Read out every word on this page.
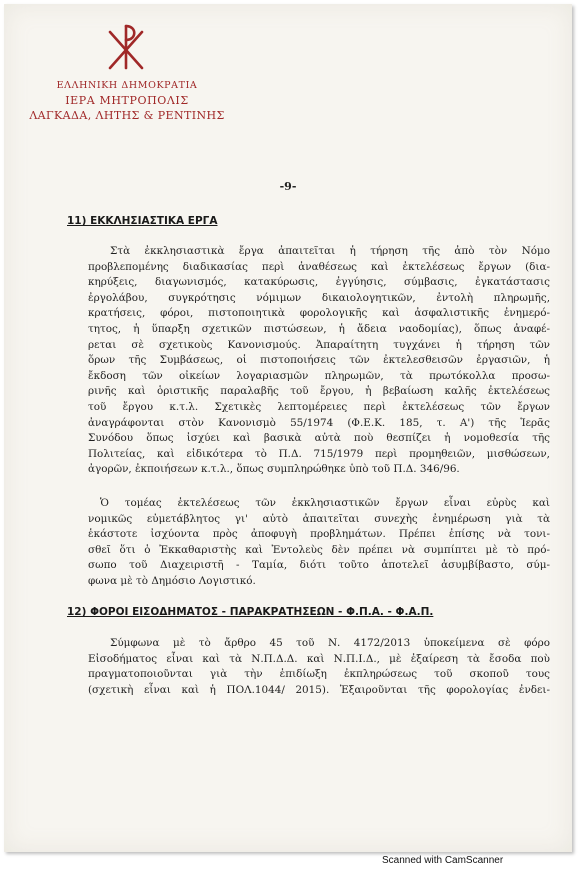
ΕΛΛΗΝΙΚΗ ΔΗΜΟΚΡΑΤΙΑ
ΙΕΡΑ ΜΗΤΡΟΠΟΛΙΣ
ΛΑΓΚΑΔΑ, ΛΗΤΗΣ & ΡΕΝΤΙΝΗΣ
-9-
11) ΕΚΚΛΗΣΙΑΣΤΙΚΑ ΕΡΓΑ
Στὰ ἐκκλησιαστικὰ ἔργα ἀπαιτεῖται ἡ τήρηση τῆς ἀπὸ τὸν Νόμο
προβλεπομένης διαδικασίας περὶ ἀναθέσεως καὶ ἐκτελέσεως ἔργων (δια-
κηρύξεις, διαγωνισμός, κατακύρωσις, ἐγγύησις, σύμβασις, ἐγκατάστασις
ἐργολάβου, συγκρότησις νόμιμων δικαιολογητικῶν, ἐντολὴ πληρωμῆς,
κρατήσεις, φόροι, πιστοποιητικὰ φορολογικῆς καὶ ἀσφαλιστικῆς ἐνημερό-
τητος, ἡ ὕπαρξη σχετικῶν πιστώσεων, ἡ ἄδεια ναοδομίας), ὅπως ἀναφέ-
ρεται σὲ σχετικοὺς Κανονισμούς. Ἀπαραίτητη τυγχάνει ἡ τήρηση τῶν
ὅρων τῆς Συμβάσεως, οἱ πιστοποιήσεις τῶν ἐκτελεσθεισῶν ἐργασιῶν, ἡ
ἔκδοση τῶν οἰκείων λογαριασμῶν πληρωμῶν, τὰ πρωτόκολλα προσω-
ρινῆς καὶ ὁριστικῆς παραλαβῆς τοῦ ἔργου, ἡ βεβαίωση καλῆς ἐκτελέσεως
τοῦ ἔργου κ.τ.λ. Σχετικὲς λεπτομέρειες περὶ ἐκτελέσεως τῶν ἔργων
ἀναγράφονται στὸν Κανονισμὸ 55/1974 (Φ.Ε.Κ. 185, τ. Α') τῆς Ἱερᾶς
Συνόδου ὅπως ἰσχύει καὶ βασικὰ αὐτὰ ποὺ θεσπίζει ἡ νομοθεσία τῆς
Πολιτείας, καὶ εἰδικότερα τὸ Π.Δ. 715/1979 περὶ προμηθειῶν, μισθώσεων,
ἀγορῶν, ἐκποιήσεων κ.τ.λ., ὅπως συμπληρώθηκε ὑπὸ τοῦ Π.Δ. 346/96.
Ὁ τομέας ἐκτελέσεως τῶν ἐκκλησιαστικῶν ἔργων εἶναι εὐρὺς καὶ
νομικῶς εὐμετάβλητος γι' αὐτὸ ἀπαιτεῖται συνεχὴς ἐνημέρωση γιὰ τὰ
ἑκάστοτε ἰσχύοντα πρὸς ἀποφυγὴ προβλημάτων. Πρέπει ἐπίσης νὰ τονι-
σθεῖ ὅτι ὁ Ἐκκαθαριστὴς καὶ Ἐντολεὺς δὲν πρέπει νὰ συμπίπτει μὲ τὸ πρό-
σωπο τοῦ Διαχειριστῆ - Ταμία, διότι τοῦτο ἀποτελεῖ ἀσυμβίβαστο, σύμ-
φωνα μὲ τὸ Δημόσιο Λογιστικό.
12) ΦΟΡΟΙ ΕΙΣΟΔΗΜΑΤΟΣ - ΠΑΡΑΚΡΑΤΗΣΕΩΝ - Φ.Π.Α. - Φ.Α.Π.
Σύμφωνα μὲ τὸ ἄρθρο 45 τοῦ Ν. 4172/2013 ὑποκείμενα σὲ φόρο
Εἰσοδήματος εἶναι καὶ τὰ Ν.Π.Δ.Δ. καὶ Ν.Π.Ι.Δ., μὲ ἐξαίρεση τὰ ἔσοδα ποὺ
πραγματοποιοῦνται γιὰ τὴν ἐπιδίωξη ἐκπληρώσεως τοῦ σκοποῦ τους
(σχετικὴ εἶναι καὶ ἡ ΠΟΛ.1044/ 2015). Ἐξαιροῦνται τῆς φορολογίας ἐνδει-
Scanned with CamScanner
